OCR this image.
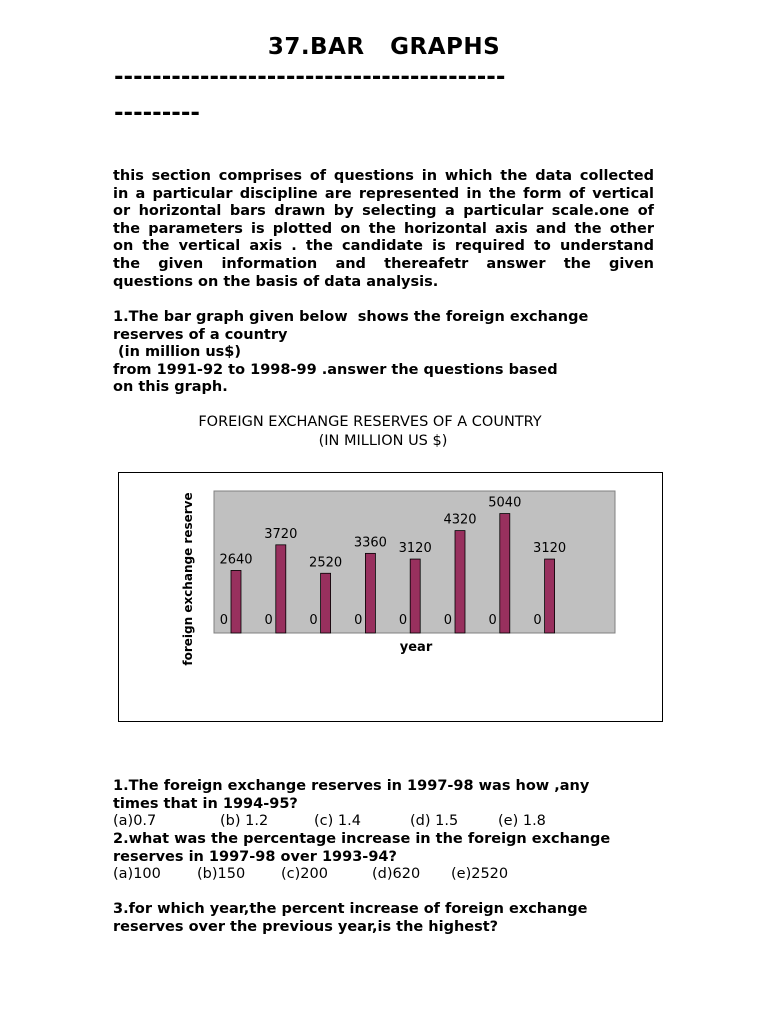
37.BAR   GRAPHS
-----------------------------------------
---------
this section comprises of questions in which the data collected
in a particular discipline are represented in the form of vertical
or horizontal bars drawn by selecting a particular scale.one of
the parameters is plotted on the horizontal axis and the other
on the vertical axis . the candidate is required to understand
the given information and thereafetr answer the given
questions on the basis of data analysis.
1.The bar graph given below  shows the foreign exchange
reserves of a country
(in million us$)
from 1991-92 to 1998-99 .answer the questions based
on this graph.
FOREIGN EXCHANGE RESERVES OF A COUNTRY
(IN MILLION US $)
2640
0
3720
0
2520
0
3360
0
3120
0
4320
0
5040
0
3120
0
year
foreign exchange reserve
1.The foreign exchange reserves in 1997-98 was how ,any
times that in 1994-95?
(a)0.7	(b) 1.2	(c) 1.4	(d) 1.5	(e) 1.8
2.what was the percentage increase in the foreign exchange
reserves in 1997-98 over 1993-94?
(a)100 (b)150 (c)200	(d)620 (e)2520
3.for which year,the percent increase of foreign exchange
reserves over the previous year,is the highest?
